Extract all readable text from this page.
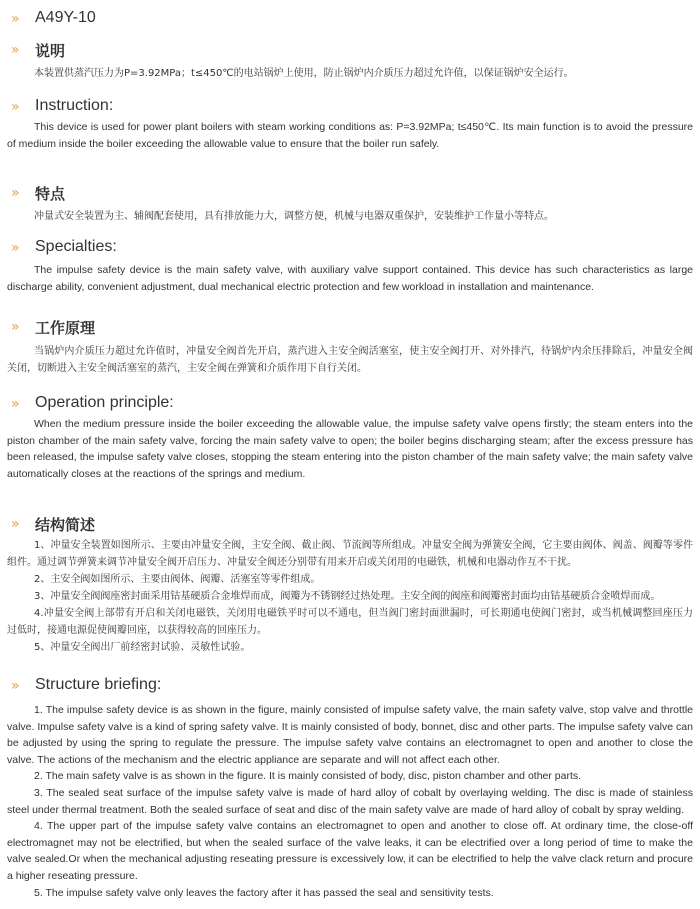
» A49Y-10
» 说明

本装置供蒸汽压力为P=3.92MPa；t≤450℃的电站锅炉上使用，防止锅炉内介质压力超过允许值，以保证锅炉安全运行。

» Instruction:

This device is used for power plant boilers with steam working conditions as: P=3.92MPa; t≤450℃. Its main function is to avoid the pressure of medium inside the boiler exceeding the allowable value to ensure that the boiler run safely.

» 特点

冲量式安全装置为主、辅阀配套使用，具有排放能力大，调整方便，机械与电器双重保护，安装维护工作量小等特点。

» Specialties:

The impulse safety device is the main safety valve, with auxiliary valve support contained. This device has such characteristics as large discharge ability, convenient adjustment, dual mechanical electric protection and few workload in installation and maintenance.

» 工作原理

当锅炉内介质压力超过允许值时，冲量安全阀首先开启，蒸汽进入主安全阀活塞室，使主安全阀打开、对外排汽，待锅炉内余压排除后，冲量安全阀关闭，切断进入主安全阀活塞室的蒸汽，主安全阀在弹簧和介质作用下自行关闭。

» Operation principle:

When the medium pressure inside the boiler exceeding the allowable value, the impulse safety valve opens firstly; the steam enters into the piston chamber of the main safety valve, forcing the main safety valve to open; the boiler begins discharging steam; after the excess pressure has been released, the impulse safety valve closes, stopping the steam entering into the piston chamber of the main safety valve; the main safety valve automatically closes at the reactions of the springs and medium.

» 结构简述

1、冲量安全装置如图所示、主要由冲量安全阀，主安全阀、截止阀、节流阀等所组成。冲量安全阀为弹簧安全阀，它主要由阀体、阀盖、阀瓣等零件组件。通过调节弹簧来调节冲量安全阀开启压力、冲量安全阀还分别带有用来开启或关闭用的电磁铁，机械和电器动作互不干扰。

2、主安全阀如图所示、主要由阀体、阀瓣、活塞室等零件组成。

3、冲量安全阀阀座密封面采用钴基硬质合金堆焊而成，阀瓣为不锈钢经过热处理。主安全阀的阀座和阀瓣密封面均由钴基硬质合金喷焊而成。

4.冲量安全阀上部带有开启和关闭电磁铁，关闭用电磁铁平时可以不通电，但当阀门密封面泄漏时，可长期通电使阀门密封，或当机械调整回座压力过低时，接通电源促使阀瓣回座，以获得较高的回座压力。

5、冲量安全阀出厂前经密封试验、灵敏性试验。

» Structure briefing:

1. The impulse safety device is as shown in the figure, mainly consisted of impulse safety valve, the main safety valve, stop valve and throttle valve. Impulse safety valve is a kind of spring safety valve. It is mainly consisted of body, bonnet, disc and other parts. The impulse safety valve can be adjusted by using the spring to regulate the pressure. The impulse safety valve contains an electromagnet to open and another to close the valve. The actions of the mechanism and the electric appliance are separate and will not affect each other.

2. The main safety valve is as shown in the figure. It is mainly consisted of body, disc, piston chamber and other parts.

3. The sealed seat surface of the impulse safety valve is made of hard alloy of cobalt by overlaying welding. The disc is made of stainless steel under thermal treatment. Both the sealed surface of seat and disc of the main safety valve are made of hard alloy of cobalt by spray welding.

4. The upper part of the impulse safety valve contains an electromagnet to open and another to close off. At ordinary time, the close-off electromagnet may not be electrified, but when the sealed surface of the valve leaks, it can be electrified over a long period of time to make the valve sealed.Or when the mechanical adjusting reseating pressure is excessively low, it can be electrified to help the valve clack return and procure a higher reseating pressure.

5. The impulse safety valve only leaves the factory after it has passed the seal and sensitivity tests.
